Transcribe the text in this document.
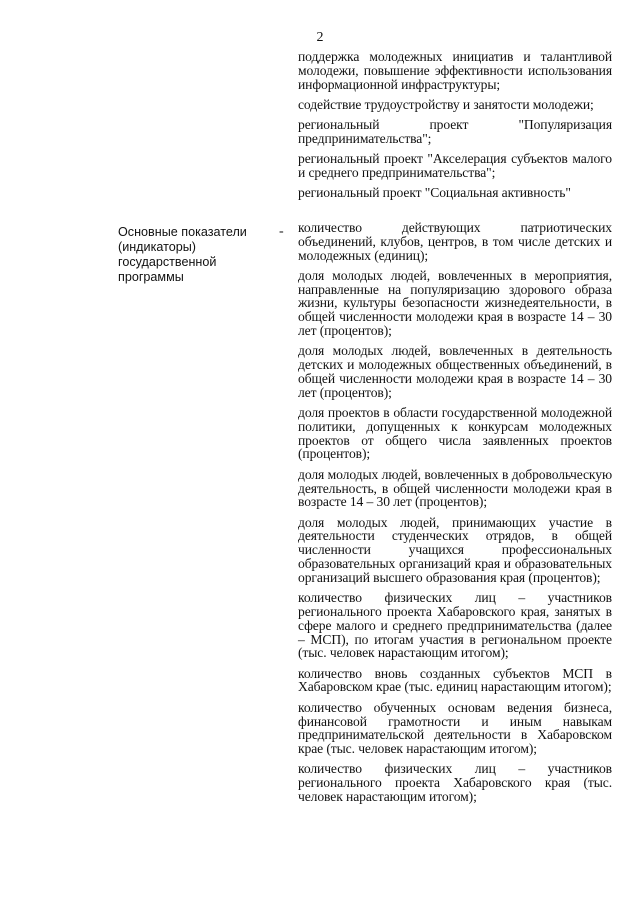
2

поддержка молодежных инициатив и талантливой молодежи, повышение эффективности использования информационной инфраструктуры;

содействие трудоустройству и занятости молодежи;

региональный проект "Популяризация предпринимательства";

региональный проект "Акселерация субъектов малого и среднего предпринимательства";

региональный проект "Социальная активность"

Основные показатели (индикаторы) государственной программы
- количество действующих патриотических объединений, клубов, центров, в том числе детских и молодежных (единиц);

доля молодых людей, вовлеченных в мероприятия, направленные на популяризацию здорового образа жизни, культуры безопасности жизнедеятельности, в общей численности молодежи края в возрасте 14 – 30 лет (процентов);

доля молодых людей, вовлеченных в деятельность детских и молодежных общественных объединений, в общей численности молодежи края в возрасте 14 – 30 лет (процентов);

доля проектов в области государственной молодежной политики, допущенных к конкурсам молодежных проектов от общего числа заявленных проектов (процентов);

доля молодых людей, вовлеченных в добровольческую деятельность, в общей численности молодежи края в возрасте 14 – 30 лет (процентов);

доля молодых людей, принимающих участие в деятельности студенческих отрядов, в общей численности учащихся профессиональных образовательных организаций края и образовательных организаций высшего образования края (процентов);

количество физических лиц – участников регионального проекта Хабаровского края, занятых в сфере малого и среднего предпринимательства (далее – МСП), по итогам участия в региональном проекте (тыс. человек нарастающим итогом);

количество вновь созданных субъектов МСП в Хабаровском крае (тыс. единиц нарастающим итогом);

количество обученных основам ведения бизнеса, финансовой грамотности и иным навыкам предпринимательской деятельности в Хабаровском крае (тыс. человек нарастающим итогом);

количество физических лиц – участников регионального проекта Хабаровского края (тыс. человек нарастающим итогом);
